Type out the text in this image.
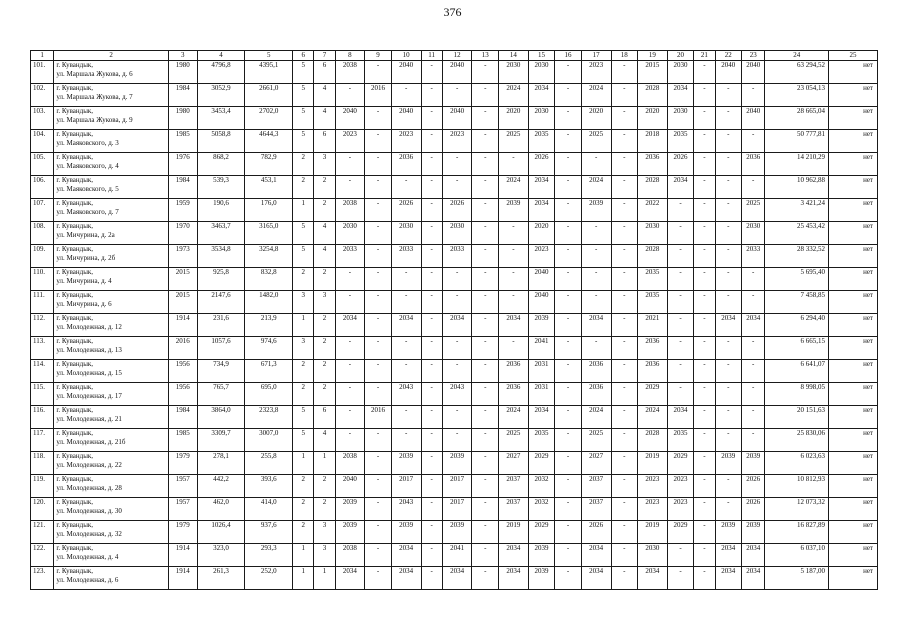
376
1	2	3	4	5	6	7	8	9	10	11	12	13	14	15	16	17	18	19	20	21	22	23	24	25
101.	г. Кувандык,
ул. Маршала Жукова, д. 6	1980	4796,8	4395,1	5	6	2038	-	2040	-	2040	-	2030	2030	-	2023	-	2015	2030	-	2040	2040	63 294,52	нет
102.	г. Кувандык,
ул. Маршала Жукова, д. 7	1984	3052,9	2661,0	5	4	-	2016	-	-	-	-	2024	2034	-	2024	-	2028	2034	-	-	-	23 054,13	нет
103.	г. Кувандык,
ул. Маршала Жукова, д. 9	1980	3453,4	2702,0	5	4	2040	-	2040	-	2040	-	2020	2030	-	2020	-	2020	2030	-	-	2040	28 665,04	нет
104.	г. Кувандык,
ул. Маяковского, д. 3	1985	5058,8	4644,3	5	6	2023	-	2023	-	2023	-	2025	2035	-	2025	-	2018	2035	-	-	-	50 777,81	нет
105.	г. Кувандык,
ул. Маяковского, д. 4	1976	868,2	782,9	2	3	-	-	2036	-	-	-	-	2026	-	-	-	2036	2026	-	-	2036	14 210,29	нет
106.	г. Кувандык,
ул. Маяковского, д. 5	1984	539,3	453,1	2	2	-	-	-	-	-	-	2024	2034	-	2024	-	2028	2034	-	-	-	10 962,88	нет
107.	г. Кувандык,
ул. Маяковского, д. 7	1959	190,6	176,0	1	2	2038	-	2026	-	2026	-	2039	2034	-	2039	-	2022	-	-	-	2025	3 421,24	нет
108.	г. Кувандык,
ул. Мичурина, д. 2а	1970	3463,7	3165,0	5	4	2030	-	2030	-	2030	-	-	2020	-	-	-	2030	-	-	-	2030	25 453,42	нет
109.	г. Кувандык,
ул. Мичурина, д. 2б	1973	3534,8	3254,8	5	4	2033	-	2033	-	2033	-	-	2023	-	-	-	2028	-	-	-	2033	28 332,52	нет
110.	г. Кувандык,
ул. Мичурина, д. 4	2015	925,8	832,8	2	2	-	-	-	-	-	-	-	2040	-	-	-	2035	-	-	-	-	5 695,40	нет
111.	г. Кувандык,
ул. Мичурина, д. 6	2015	2147,6	1482,0	3	3	-	-	-	-	-	-	-	2040	-	-	-	2035	-	-	-	-	7 458,85	нет
112.	г. Кувандык,
ул. Молодежная, д. 12	1914	231,6	213,9	1	2	2034	-	2034	-	2034	-	2034	2039	-	2034	-	2021	-	-	2034	2034	6 294,40	нет
113.	г. Кувандык,
ул. Молодежная, д. 13	2016	1057,6	974,6	3	2	-	-	-	-	-	-	-	2041	-	-	-	2036	-	-	-	-	6 665,15	нет
114.	г. Кувандык,
ул. Молодежная, д. 15	1956	734,9	671,3	2	2	-	-	-	-	-	-	2036	2031	-	2036	-	2036	-	-	-	-	6 641,07	нет
115.	г. Кувандык,
ул. Молодежная, д. 17	1956	765,7	695,0	2	2	-	-	2043	-	2043	-	2036	2031	-	2036	-	2029	-	-	-	-	8 998,05	нет
116.	г. Кувандык,
ул. Молодежная, д. 21	1984	3864,0	2323,8	5	6	-	2016	-	-	-	-	2024	2034	-	2024	-	2024	2034	-	-	-	20 151,63	нет
117.	г. Кувандык,
ул. Молодежная, д. 21б	1985	3309,7	3007,0	5	4	-	-	-	-	-	-	2025	2035	-	2025	-	2028	2035	-	-	-	25 830,06	нет
118.	г. Кувандык,
ул. Молодежная, д. 22	1979	278,1	255,8	1	1	2038	-	2039	-	2039	-	2027	2029	-	2027	-	2019	2029	-	2039	2039	6 023,63	нет
119.	г. Кувандык,
ул. Молодежная, д. 28	1957	442,2	393,6	2	2	2040	-	2017	-	2017	-	2037	2032	-	2037	-	2023	2023	-	-	2026	10 812,93	нет
120.	г. Кувандык,
ул. Молодежная, д. 30	1957	462,0	414,0	2	2	2039	-	2043	-	2017	-	2037	2032	-	2037	-	2023	2023	-	-	2026	12 073,32	нет
121.	г. Кувандык,
ул. Молодежная, д. 32	1979	1026,4	937,6	2	3	2039	-	2039	-	2039	-	2019	2029	-	2026	-	2019	2029	-	2039	2039	16 827,89	нет
122.	г. Кувандык,
ул. Молодежная, д. 4	1914	323,0	293,3	1	3	2038	-	2034	-	2041	-	2034	2039	-	2034	-	2030	-	-	2034	2034	6 037,10	нет
123.	г. Кувандык,
ул. Молодежная, д. 6	1914	261,3	252,0	1	1	2034	-	2034	-	2034	-	2034	2039	-	2034	-	2034	-	-	2034	2034	5 187,00	нет
